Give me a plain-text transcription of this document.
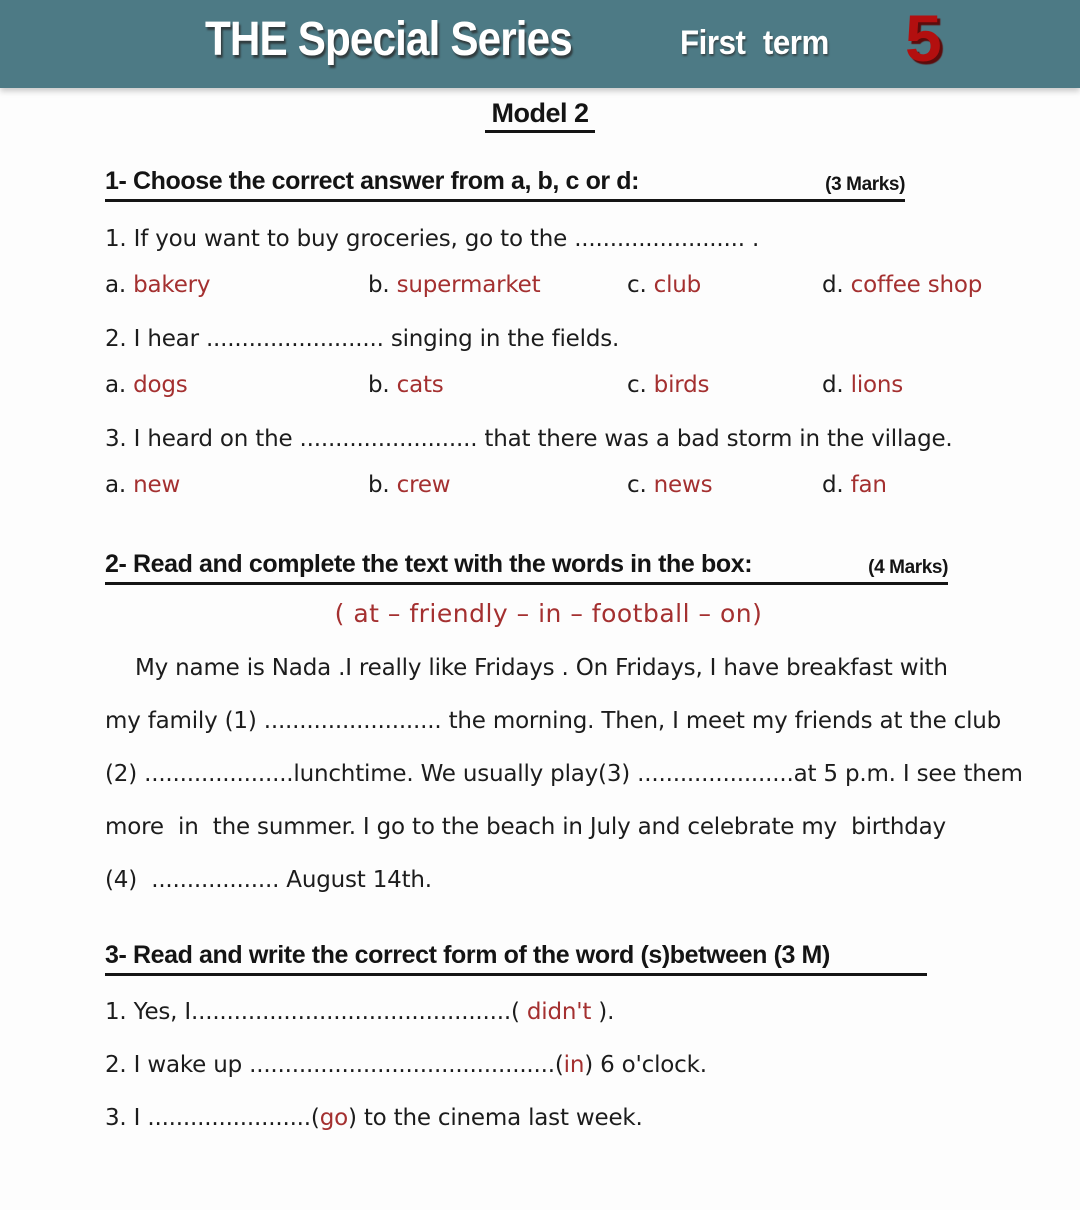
THE Special Series	First term 5
Model 2
1- Choose the correct answer from a, b, c or d:	(3 Marks)
1. If you want to buy groceries, go to the ........................ .
a. bakery	b. supermarket	c. club	d. coffee shop
2. I hear ......................... singing in the fields.
a. dogs	b. cats	c. birds	d. lions
3. I heard on the ......................... that there was a bad storm in the village.
a. new	b. crew	c. news	d. fan
2- Read and complete the text with the words in the box:	(4 Marks)
( at – friendly – in – football – on)
My name is Nada .I really like Fridays . On Fridays, I have breakfast with
my family (1) ......................... the morning. Then, I meet my friends at the club
(2) .....................lunchtime. We usually play(3) ......................at 5 p.m. I see them
more  in  the summer. I go to the beach in July and celebrate my  birthday
(4)  .................. August 14th.
3- Read and write the correct form of the word (s)between (3 M)
1. Yes, I.............................................( didn't ).
2. I wake up ...........................................(in) 6 o'clock.
3. I .......................(go) to the cinema last week.
